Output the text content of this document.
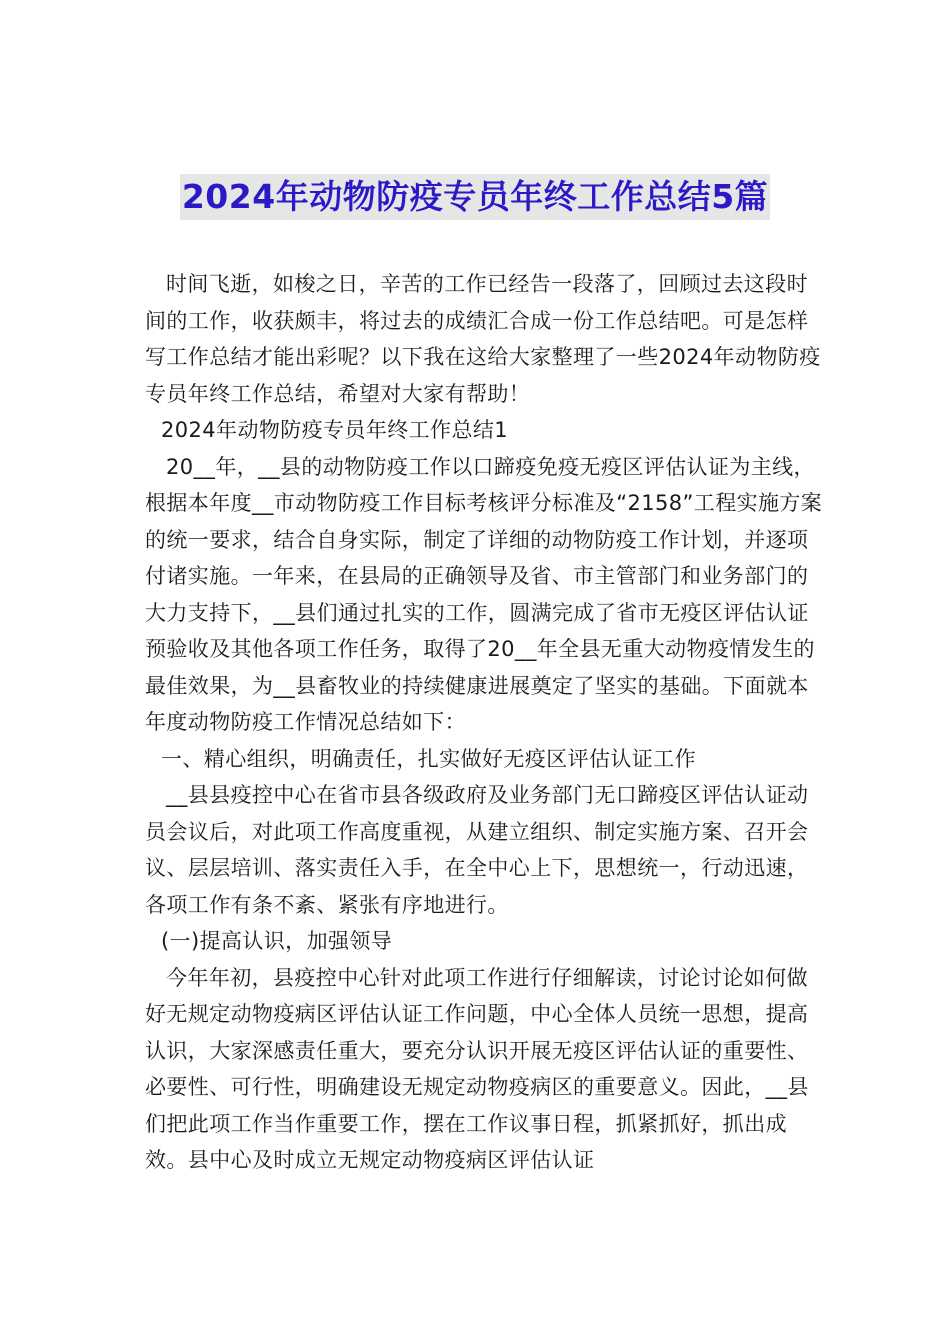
2024年动物防疫专员年终工作总结5篇

时间飞逝，如梭之日，辛苦的工作已经告一段落了，回顾过去这段时间的工作，收获颇丰，将过去的成绩汇合成一份工作总结吧。可是怎样写工作总结才能出彩呢？以下我在这给大家整理了一些2024年动物防疫专员年终工作总结，希望对大家有帮助！

2024年动物防疫专员年终工作总结1

20__年，__县的动物防疫工作以口蹄疫免疫无疫区评估认证为主线，根据本年度__市动物防疫工作目标考核评分标准及“2158”工程实施方案的统一要求，结合自身实际，制定了详细的动物防疫工作计划，并逐项付诸实施。一年来，在县局的正确领导及省、市主管部门和业务部门的大力支持下，__县们通过扎实的工作，圆满完成了省市无疫区评估认证预验收及其他各项工作任务，取得了20__年全县无重大动物疫情发生的最佳效果，为__县畜牧业的持续健康进展奠定了坚实的基础。下面就本年度动物防疫工作情况总结如下：

一、精心组织，明确责任，扎实做好无疫区评估认证工作

__县县疫控中心在省市县各级政府及业务部门无口蹄疫区评估认证动员会议后，对此项工作高度重视，从建立组织、制定实施方案、召开会议、层层培训、落实责任入手，在全中心上下，思想统一，行动迅速，各项工作有条不紊、紧张有序地进行。

(一)提高认识，加强领导

今年年初，县疫控中心针对此项工作进行仔细解读，讨论讨论如何做好无规定动物疫病区评估认证工作问题，中心全体人员统一思想，提高认识，大家深感责任重大，要充分认识开展无疫区评估认证的重要性、必要性、可行性，明确建设无规定动物疫病区的重要意义。因此，__县们把此项工作当作重要工作，摆在工作议事日程，抓紧抓好，抓出成效。县中心及时成立无规定动物疫病区评估认证
